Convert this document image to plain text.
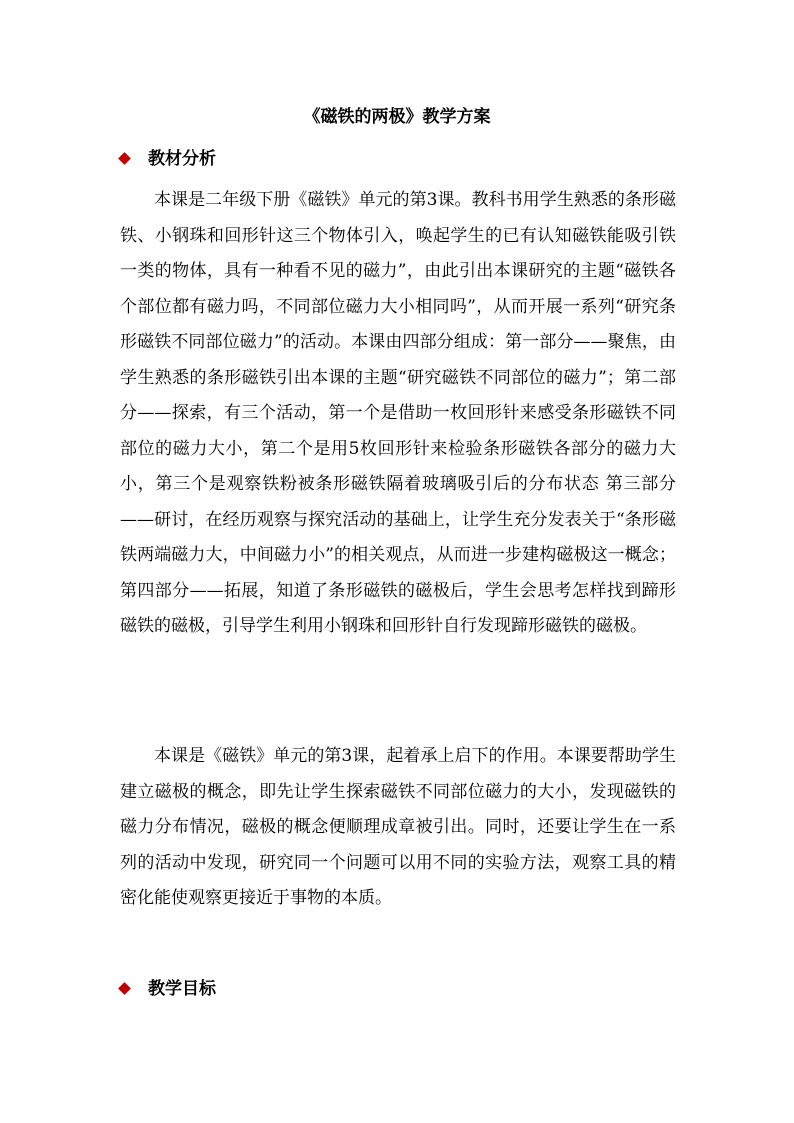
《磁铁的两极》教学方案
教材分析

本课是二年级下册《磁铁》单元的第3课。教科书用学生熟悉的条形磁铁、小钢珠和回形针这三个物体引入，唤起学生的已有认知磁铁能吸引铁一类的物体，具有一种看不见的磁力”，由此引出本课研究的主题“磁铁各个部位都有磁力吗，不同部位磁力大小相同吗”，从而开展一系列“研究条形磁铁不同部位磁力”的活动。本课由四部分组成：第一部分——聚焦，由学生熟悉的条形磁铁引出本课的主题“研究磁铁不同部位的磁力”；第二部分——探索，有三个活动，第一个是借助一枚回形针来感受条形磁铁不同部位的磁力大小，第二个是用5枚回形针来检验条形磁铁各部分的磁力大小，第三个是观察铁粉被条形磁铁隔着玻璃吸引后的分布状态 第三部分——研讨，在经历观察与探究活动的基础上，让学生充分发表关于“条形磁铁两端磁力大，中间磁力小”的相关观点，从而进一步建构磁极这一概念；第四部分——拓展，知道了条形磁铁的磁极后，学生会思考怎样找到蹄形磁铁的磁极，引导学生利用小钢珠和回形针自行发现蹄形磁铁的磁极。

本课是《磁铁》单元的第3课，起着承上启下的作用。本课要帮助学生建立磁极的概念，即先让学生探索磁铁不同部位磁力的大小，发现磁铁的磁力分布情况，磁极的概念便顺理成章被引出。同时，还要让学生在一系列的活动中发现，研究同一个问题可以用不同的实验方法，观察工具的精密化能使观察更接近于事物的本质。

教学目标
